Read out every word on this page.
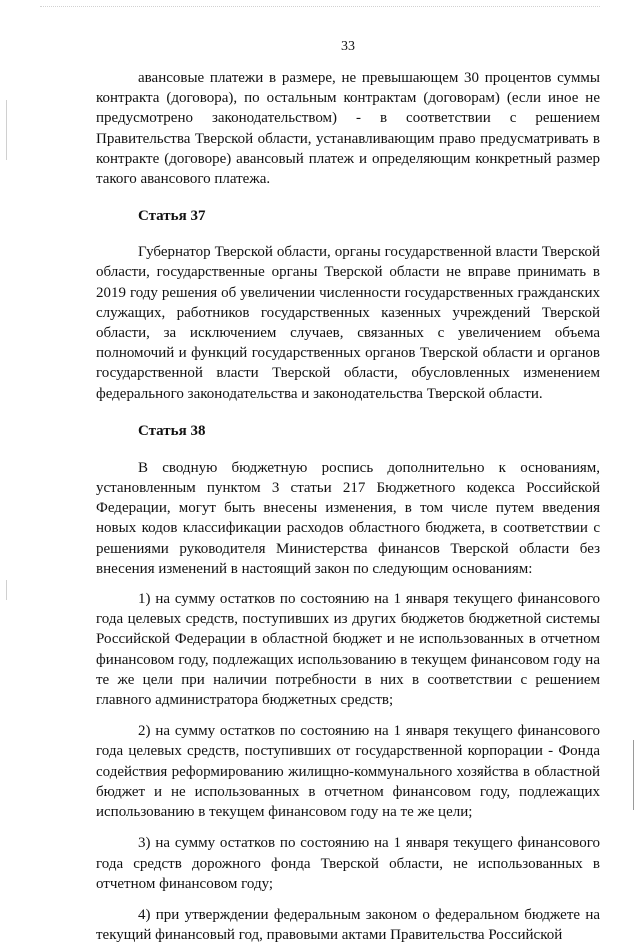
33

авансовые платежи в размере, не превышающем 30 процентов суммы контракта (договора), по остальным контрактам (договорам) (если иное не предусмотрено законодательством) - в соответствии с решением Правительства Тверской области, устанавливающим право предусматривать в контракте (договоре) авансовый платеж и определяющим конкретный размер такого авансового платежа.

Статья 37

Губернатор Тверской области, органы государственной власти Тверской области, государственные органы Тверской области не вправе принимать в 2019 году решения об увеличении численности государственных гражданских служащих, работников государственных казенных учреждений Тверской области, за исключением случаев, связанных с увеличением объема полномочий и функций государственных органов Тверской области и органов государственной власти Тверской области, обусловленных изменением федерального законодательства и законодательства Тверской области.

Статья 38

В сводную бюджетную роспись дополнительно к основаниям, установленным пунктом 3 статьи 217 Бюджетного кодекса Российской Федерации, могут быть внесены изменения, в том числе путем введения новых кодов классификации расходов областного бюджета, в соответствии с решениями руководителя Министерства финансов Тверской области без внесения изменений в настоящий закон по следующим основаниям:

1) на сумму остатков по состоянию на 1 января текущего финансового года целевых средств, поступивших из других бюджетов бюджетной системы Российской Федерации в областной бюджет и не использованных в отчетном финансовом году, подлежащих использованию в текущем финансовом году на те же цели при наличии потребности в них в соответствии с решением главного администратора бюджетных средств;

2) на сумму остатков по состоянию на 1 января текущего финансового года целевых средств, поступивших от государственной корпорации - Фонда содействия реформированию жилищно-коммунального хозяйства в областной бюджет и не использованных в отчетном финансовом году, подлежащих использованию в текущем финансовом году на те же цели;

3) на сумму остатков по состоянию на 1 января текущего финансового года средств дорожного фонда Тверской области, не использованных в отчетном финансовом году;

4) при утверждении федеральным законом о федеральном бюджете на текущий финансовый год, правовыми актами Правительства Российской
